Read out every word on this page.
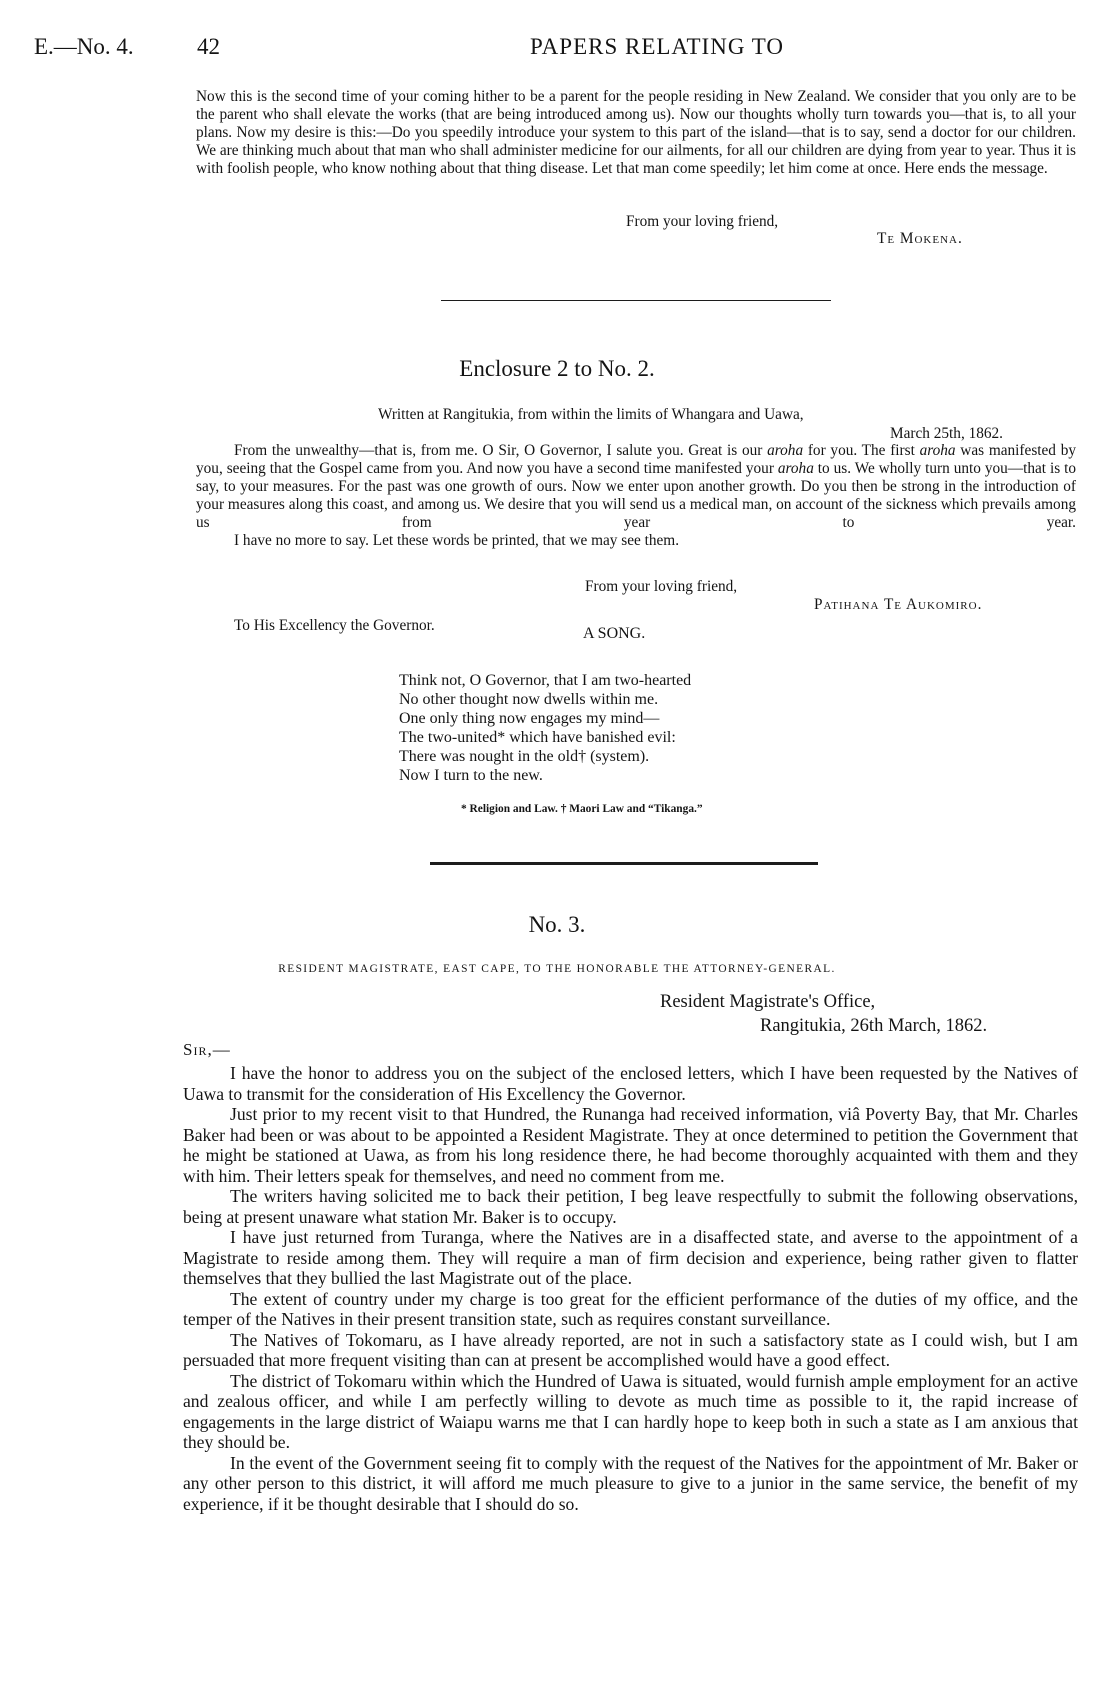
PAPERS RELATING TO
E.—No. 4.	42

Now this is the second time of your coming hither to be a parent for the people residing in New Zealand. We consider that you only are to be the parent who shall elevate the works (that are being introduced among us). Now our thoughts wholly turn towards you—that is, to all your plans. Now my desire is this:—Do you speedily introduce your system to this part of the island—that is to say, send a doctor for our children. We are thinking much about that man who shall administer medicine for our ailments, for all our children are dying from year to year. Thus it is with foolish people, who know nothing about that thing disease. Let that man come speedily; let him come at once. Here ends the message.

From your loving friend,
Te Mokena.
Enclosure 2 to No. 2.
Written at Rangitukia, from within the limits of Whangara and Uawa,
March 25th, 1862.

From the unwealthy—that is, from me. O Sir, O Governor, I salute you. Great is our aroha for you. The first aroha was manifested by you, seeing that the Gospel came from you. And now you have a second time manifested your aroha to us. We wholly turn unto you—that is to say, to your measures. For the past was one growth of ours. Now we enter upon another growth. Do you then be strong in the introduction of your measures along this coast, and among us. We desire that you will send us a medical man, on account of the sickness which prevails among us from year to year.

I have no more to say. Let these words be printed, that we may see them.

From your loving friend,
Patihana Te Aukomiro.
To His Excellency the Governor.	A SONG.
Think not, O Governor, that I am two-hearted
No other thought now dwells within me.
One only thing now engages my mind—
The two-united* which have banished evil:
There was nought in the old† (system).
Now I turn to the new.
* Religion and Law. † Maori Law and “Tikanga.”
No. 3.
RESIDENT MAGISTRATE, EAST CAPE, TO THE HONORABLE THE ATTORNEY-GENERAL.
Resident Magistrate's Office,
Rangitukia, 26th March, 1862.
Sir,—

I have the honor to address you on the subject of the enclosed letters, which I have been requested by the Natives of Uawa to transmit for the consideration of His Excellency the Governor.

Just prior to my recent visit to that Hundred, the Runanga had received information, viâ Poverty Bay, that Mr. Charles Baker had been or was about to be appointed a Resident Magistrate. They at once determined to petition the Government that he might be stationed at Uawa, as from his long residence there, he had become thoroughly acquainted with them and they with him. Their letters speak for themselves, and need no comment from me.

The writers having solicited me to back their petition, I beg leave respectfully to submit the following observations, being at present unaware what station Mr. Baker is to occupy.

I have just returned from Turanga, where the Natives are in a disaffected state, and averse to the appointment of a Magistrate to reside among them. They will require a man of firm decision and experience, being rather given to flatter themselves that they bullied the last Magistrate out of the place.

The extent of country under my charge is too great for the efficient performance of the duties of my office, and the temper of the Natives in their present transition state, such as requires constant surveillance.

The Natives of Tokomaru, as I have already reported, are not in such a satisfactory state as I could wish, but I am persuaded that more frequent visiting than can at present be accomplished would have a good effect.

The district of Tokomaru within which the Hundred of Uawa is situated, would furnish ample employment for an active and zealous officer, and while I am perfectly willing to devote as much time as possible to it, the rapid increase of engagements in the large district of Waiapu warns me that I can hardly hope to keep both in such a state as I am anxious that they should be.

In the event of the Government seeing fit to comply with the request of the Natives for the appointment of Mr. Baker or any other person to this district, it will afford me much pleasure to give to a junior in the same service, the benefit of my experience, if it be thought desirable that I should do so.
